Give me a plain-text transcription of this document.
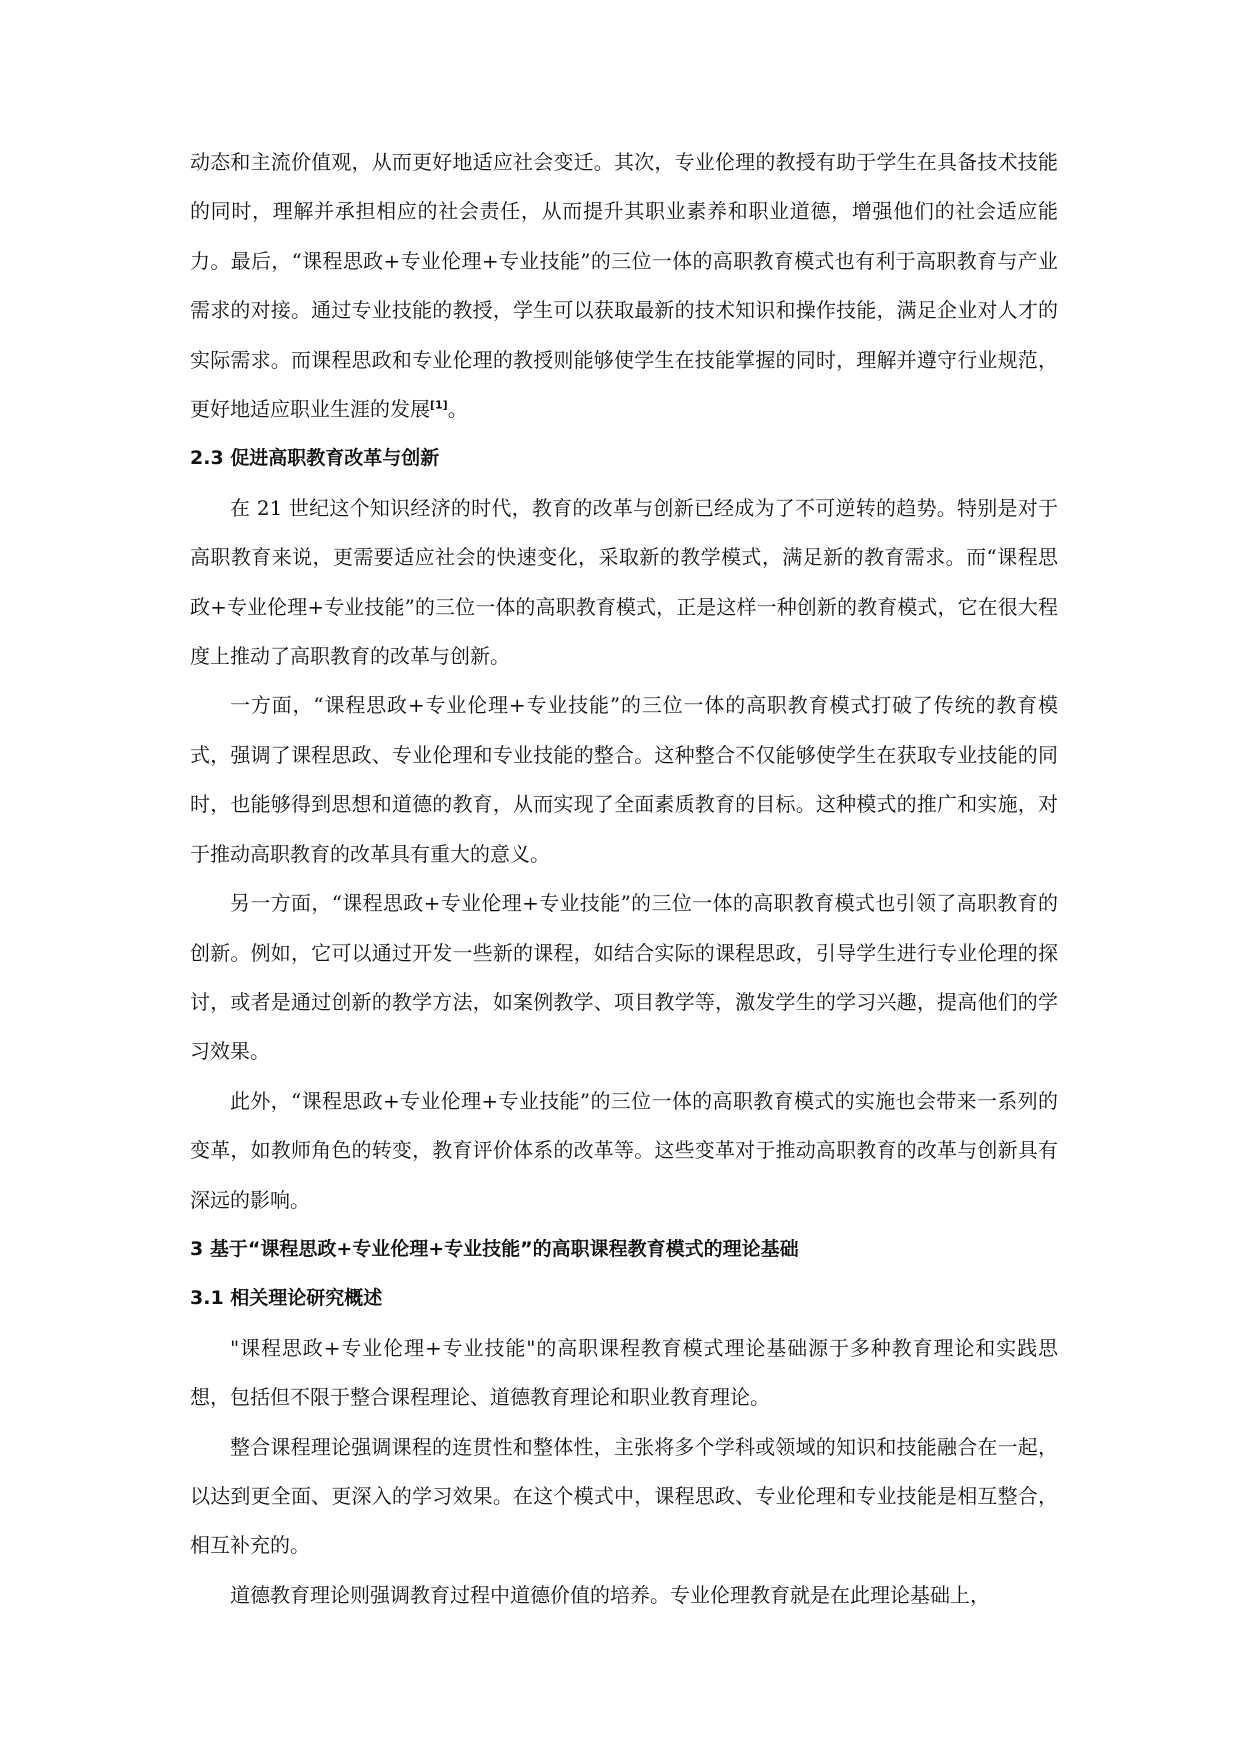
动态和主流价值观，从而更好地适应社会变迁。其次，专业伦理的教授有助于学生在具备技术技能的同时，理解并承担相应的社会责任，从而提升其职业素养和职业道德，增强他们的社会适应能力。最后，“课程思政+专业伦理+专业技能”的三位一体的高职教育模式也有利于高职教育与产业需求的对接。通过专业技能的教授，学生可以获取最新的技术知识和操作技能，满足企业对人才的实际需求。而课程思政和专业伦理的教授则能够使学生在技能掌握的同时，理解并遵守行业规范，更好地适应职业生涯的发展[1]。

2.3 促进高职教育改革与创新

在 21 世纪这个知识经济的时代，教育的改革与创新已经成为了不可逆转的趋势。特别是对于高职教育来说，更需要适应社会的快速变化，采取新的教学模式，满足新的教育需求。而“课程思政+专业伦理+专业技能”的三位一体的高职教育模式，正是这样一种创新的教育模式，它在很大程度上推动了高职教育的改革与创新。

一方面，“课程思政+专业伦理+专业技能”的三位一体的高职教育模式打破了传统的教育模式，强调了课程思政、专业伦理和专业技能的整合。这种整合不仅能够使学生在获取专业技能的同时，也能够得到思想和道德的教育，从而实现了全面素质教育的目标。这种模式的推广和实施，对于推动高职教育的改革具有重大的意义。

另一方面，“课程思政+专业伦理+专业技能”的三位一体的高职教育模式也引领了高职教育的创新。例如，它可以通过开发一些新的课程，如结合实际的课程思政，引导学生进行专业伦理的探讨，或者是通过创新的教学方法，如案例教学、项目教学等，激发学生的学习兴趣，提高他们的学习效果。

此外，“课程思政+专业伦理+专业技能”的三位一体的高职教育模式的实施也会带来一系列的变革，如教师角色的转变，教育评价体系的改革等。这些变革对于推动高职教育的改革与创新具有深远的影响。

3 基于“课程思政+专业伦理+专业技能”的高职课程教育模式的理论基础

3.1 相关理论研究概述

"课程思政+专业伦理+专业技能"的高职课程教育模式理论基础源于多种教育理论和实践思想，包括但不限于整合课程理论、道德教育理论和职业教育理论。

整合课程理论强调课程的连贯性和整体性，主张将多个学科或领域的知识和技能融合在一起，以达到更全面、更深入的学习效果。在这个模式中，课程思政、专业伦理和专业技能是相互整合，相互补充的。

道德教育理论则强调教育过程中道德价值的培养。专业伦理教育就是在此理论基础上，
